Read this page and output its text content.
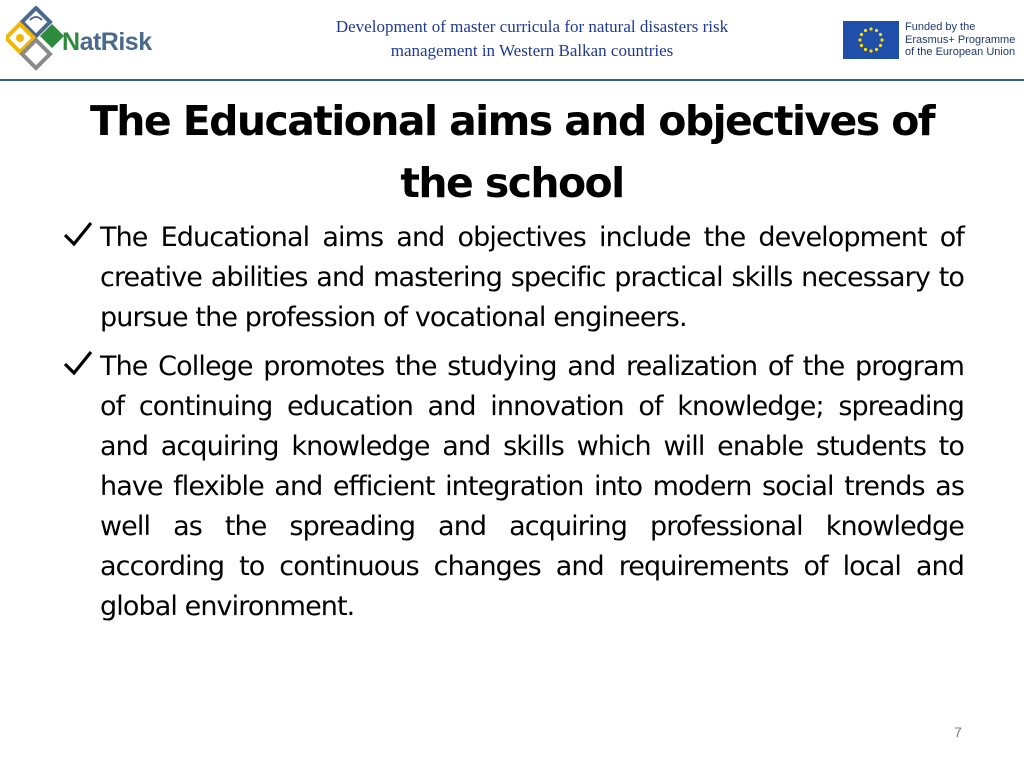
NatRisk
Development of master curricula for natural disasters risk
management in Western Balkan countries
Funded by the
Erasmus+ Programme
of the European Union
The Educational aims and objectives of
the school
The Educational aims and objectives include the development of creative abilities and mastering specific practical skills necessary to pursue the profession of vocational engineers.
The College promotes the studying and realization of the program of continuing education and innovation of knowledge; spreading and acquiring knowledge and skills which will enable students to have flexible and efficient integration into modern social trends as well as the spreading and acquiring professional knowledge according to continuous changes and requirements of local and global environment.
7
